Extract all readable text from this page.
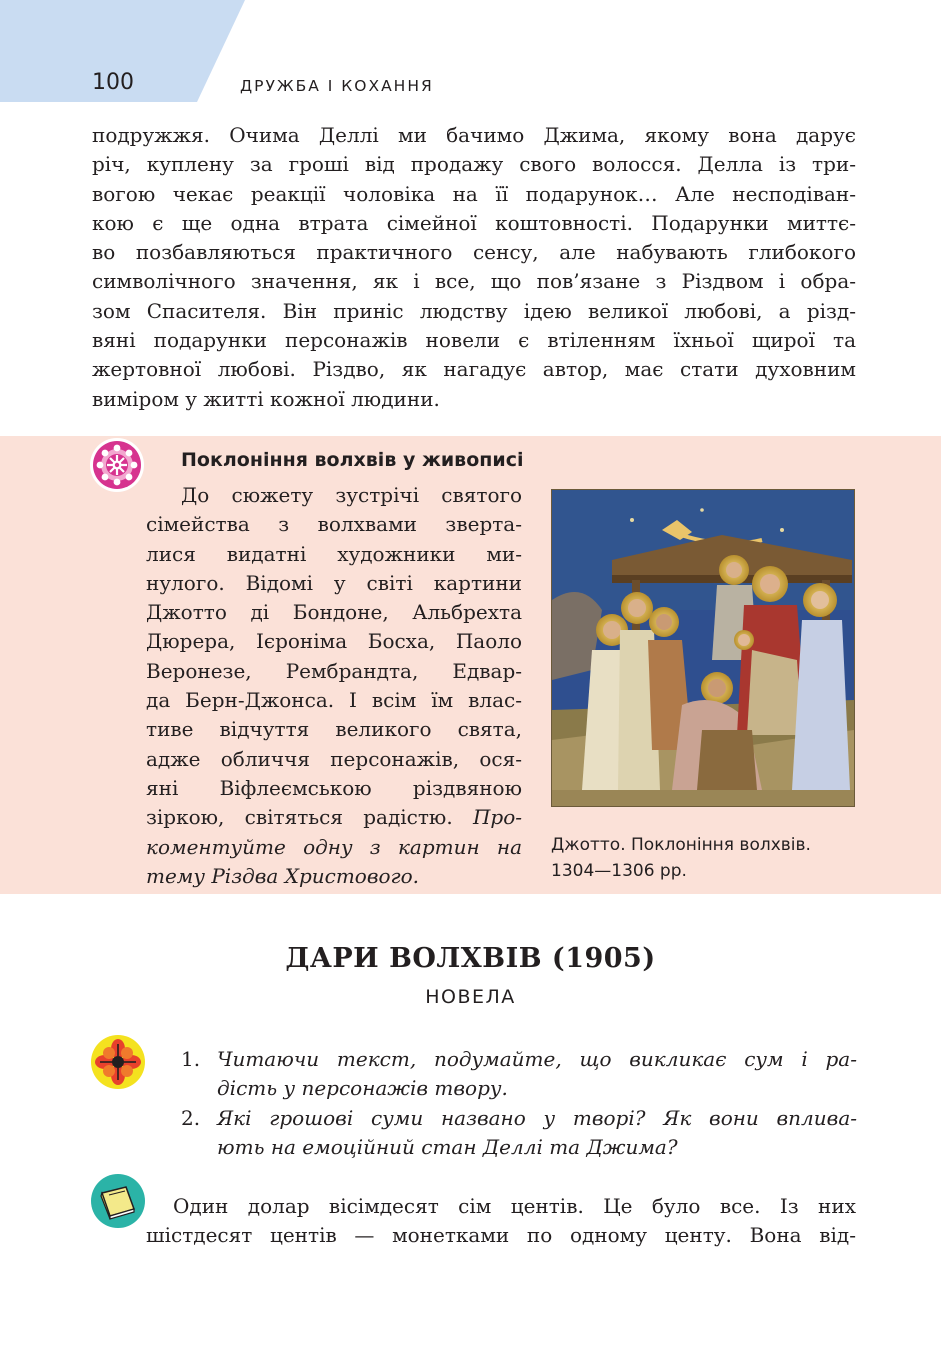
100	ДРУЖБА І КОХАННЯ
подружжя. Очима Деллі ми бачимо Джима, якому вона дарує
річ, куплену за гроші від продажу свого волосся. Делла із три-
вогою чекає реакції чоловіка на її подарунок… Але несподіван-
кою є ще одна втрата сімейної коштовності. Подарунки миттє-
во позбавляються практичного сенсу, але набувають глибокого
символічного значення, як і все, що пов’язане з Різдвом і обра-
зом Спасителя. Він приніс людству ідею великої любові, а різд-
вяні подарунки персонажів новели є втіленням їхньої щирої та
жертовної любові. Різдво, як нагадує автор, має стати духовним
виміром у житті кожної людини.
Поклоніння волхвів у живописі
До сюжету зустрічі святого
сімейства з волхвами зверта-
лися видатні художники ми-
нулого. Відомі у світі картини
Джотто ді Бондоне, Альбрехта
Дюрера, Ієроніма Босха, Паоло
Веронезе, Рембрандта, Едвар-
да Берн-Джонса. І всім їм влас-
тиве відчуття великого свята,
адже обличчя персонажів, ося-
яні Віфлеємською різдвяною
зіркою, світяться радістю. Про-
коментуйте одну з картин на
тему Різдва Христового.
Джотто. Поклоніння волхвів.
1304—1306 рр.
ДАРИ ВОЛХВІВ (1905)
НОВЕЛА
1. Читаючи текст, подумайте, що викликає сум і ра-
дість у персонажів твору.
2. Які грошові суми названо у творі? Як вони вплива-
ють на емоційний стан Деллі та Джима?
Один долар вісімдесят сім центів. Це було все. Із них
шістдесят центів — монетками по одному центу. Вона від-
